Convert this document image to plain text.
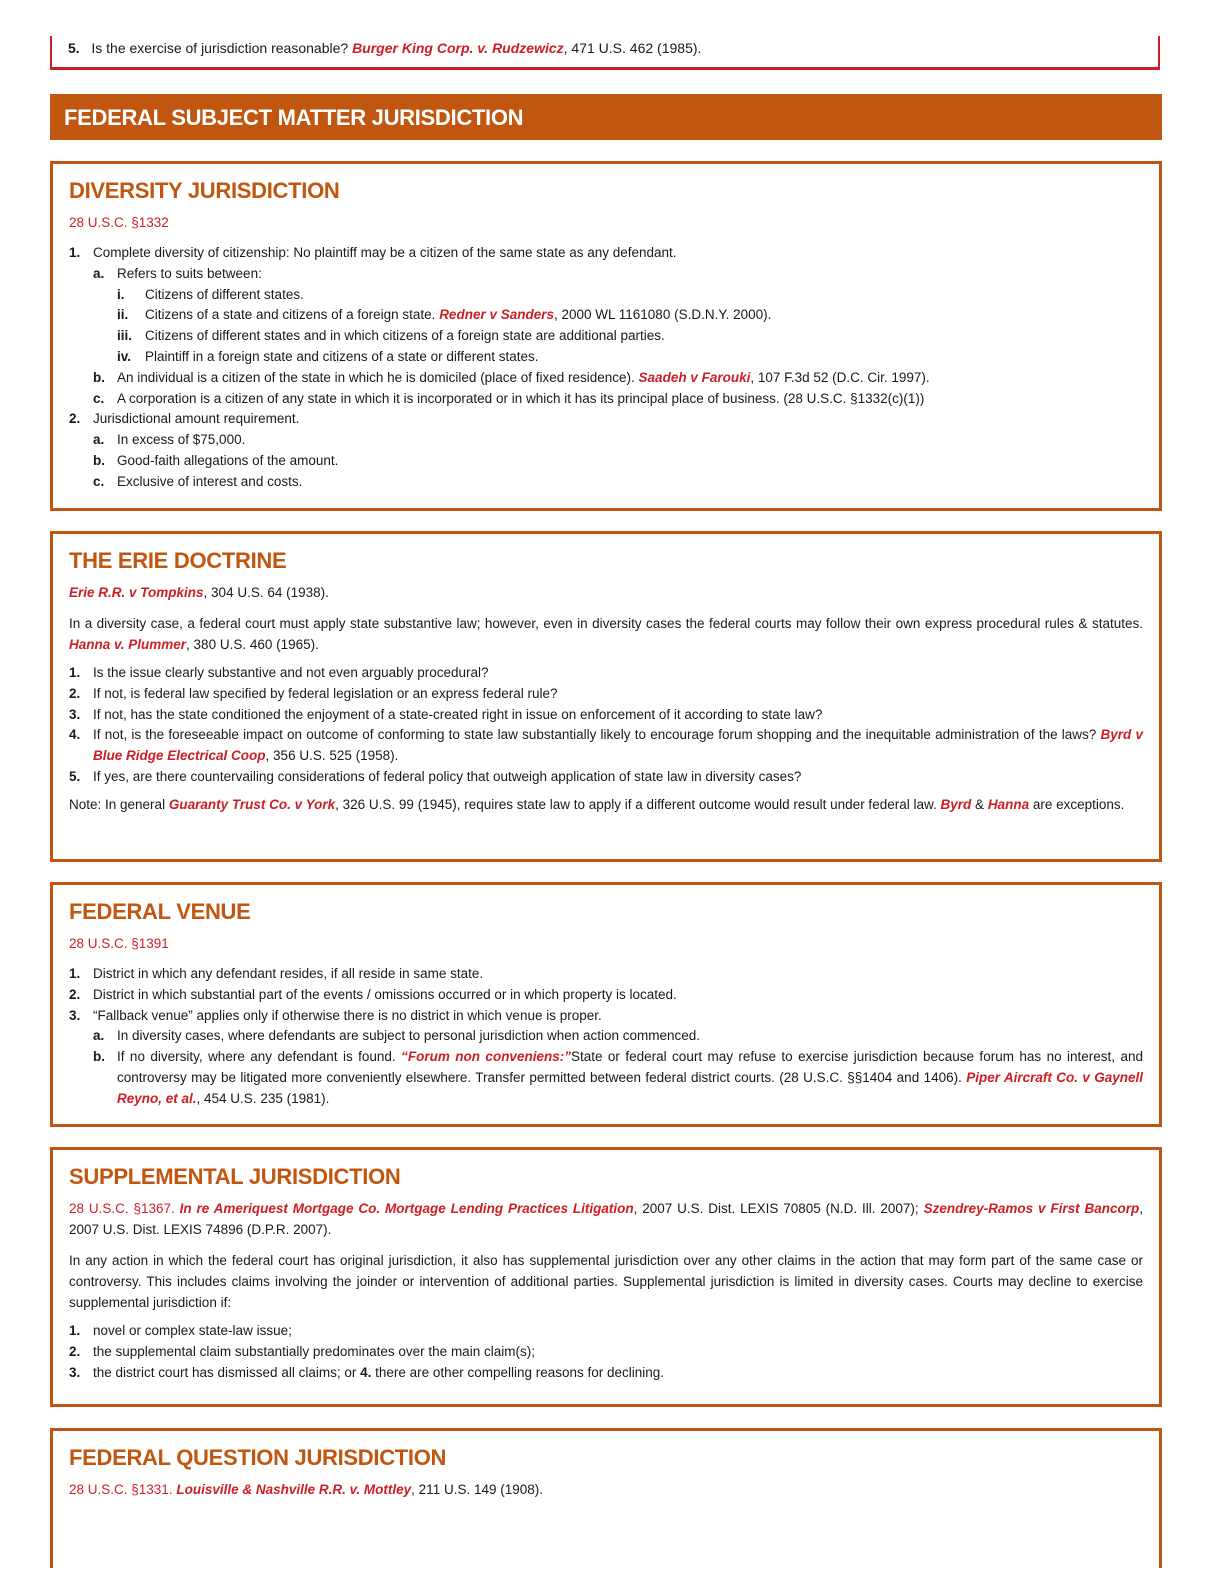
5. Is the exercise of jurisdiction reasonable? Burger King Corp. v. Rudzewicz, 471 U.S. 462 (1985).
FEDERAL SUBJECT MATTER JURISDICTION
DIVERSITY JURISDICTION
28 U.S.C. §1332
1. Complete diversity of citizenship: No plaintiff may be a citizen of the same state as any defendant.
a. Refers to suits between:
i. Citizens of different states.
ii. Citizens of a state and citizens of a foreign state. Redner v Sanders, 2000 WL 1161080 (S.D.N.Y. 2000).
iii. Citizens of different states and in which citizens of a foreign state are additional parties.
iv. Plaintiff in a foreign state and citizens of a state or different states.
b. An individual is a citizen of the state in which he is domiciled (place of fixed residence). Saadeh v Farouki, 107 F.3d 52 (D.C. Cir. 1997).
c. A corporation is a citizen of any state in which it is incorporated or in which it has its principal place of business. (28 U.S.C. §1332(c)(1))
2. Jurisdictional amount requirement.
a. In excess of $75,000.
b. Good-faith allegations of the amount.
c. Exclusive of interest and costs.
THE ERIE DOCTRINE
Erie R.R. v Tompkins, 304 U.S. 64 (1938).

In a diversity case, a federal court must apply state substantive law; however, even in diversity cases the federal courts may follow their own express procedural rules & statutes. Hanna v. Plummer, 380 U.S. 460 (1965).

1. Is the issue clearly substantive and not even arguably procedural?
2. If not, is federal law specified by federal legislation or an express federal rule?
3. If not, has the state conditioned the enjoyment of a state-created right in issue on enforcement of it according to state law?
4. If not, is the foreseeable impact on outcome of conforming to state law substantially likely to encourage forum shopping and the inequitable administration of the laws? Byrd v Blue Ridge Electrical Coop, 356 U.S. 525 (1958).
5. If yes, are there countervailing considerations of federal policy that outweigh application of state law in diversity cases?

Note: In general Guaranty Trust Co. v York, 326 U.S. 99 (1945), requires state law to apply if a different outcome would result under federal law. Byrd & Hanna are exceptions.

FEDERAL VENUE
28 U.S.C. §1391
1. District in which any defendant resides, if all reside in same state.
2. District in which substantial part of the events / omissions occurred or in which property is located.
3. “Fallback venue” applies only if otherwise there is no district in which venue is proper.
a. In diversity cases, where defendants are subject to personal jurisdiction when action commenced.
b. If no diversity, where any defendant is found. “Forum non conveniens:”State or federal court may refuse to exercise jurisdiction because forum has no interest, and controversy may be litigated more conveniently elsewhere. Transfer permitted between federal district courts. (28 U.S.C. §§1404 and 1406). Piper Aircraft Co. v Gaynell Reyno, et al., 454 U.S. 235 (1981).
SUPPLEMENTAL JURISDICTION
28 U.S.C. §1367. In re Ameriquest Mortgage Co. Mortgage Lending Practices Litigation, 2007 U.S. Dist. LEXIS 70805 (N.D. Ill. 2007); Szendrey-Ramos v First Bancorp, 2007 U.S. Dist. LEXIS 74896 (D.P.R. 2007).

In any action in which the federal court has original jurisdiction, it also has supplemental jurisdiction over any other claims in the action that may form part of the same case or controversy. This includes claims involving the joinder or intervention of additional parties. Supplemental jurisdiction is limited in diversity cases. Courts may decline to exercise supplemental jurisdiction if:

1. novel or complex state-law issue;
2. the supplemental claim substantially predominates over the main claim(s);
3. the district court has dismissed all claims; or 4. there are other compelling reasons for declining.
FEDERAL QUESTION JURISDICTION
28 U.S.C. §1331. Louisville & Nashville R.R. v. Mottley, 211 U.S. 149 (1908).
